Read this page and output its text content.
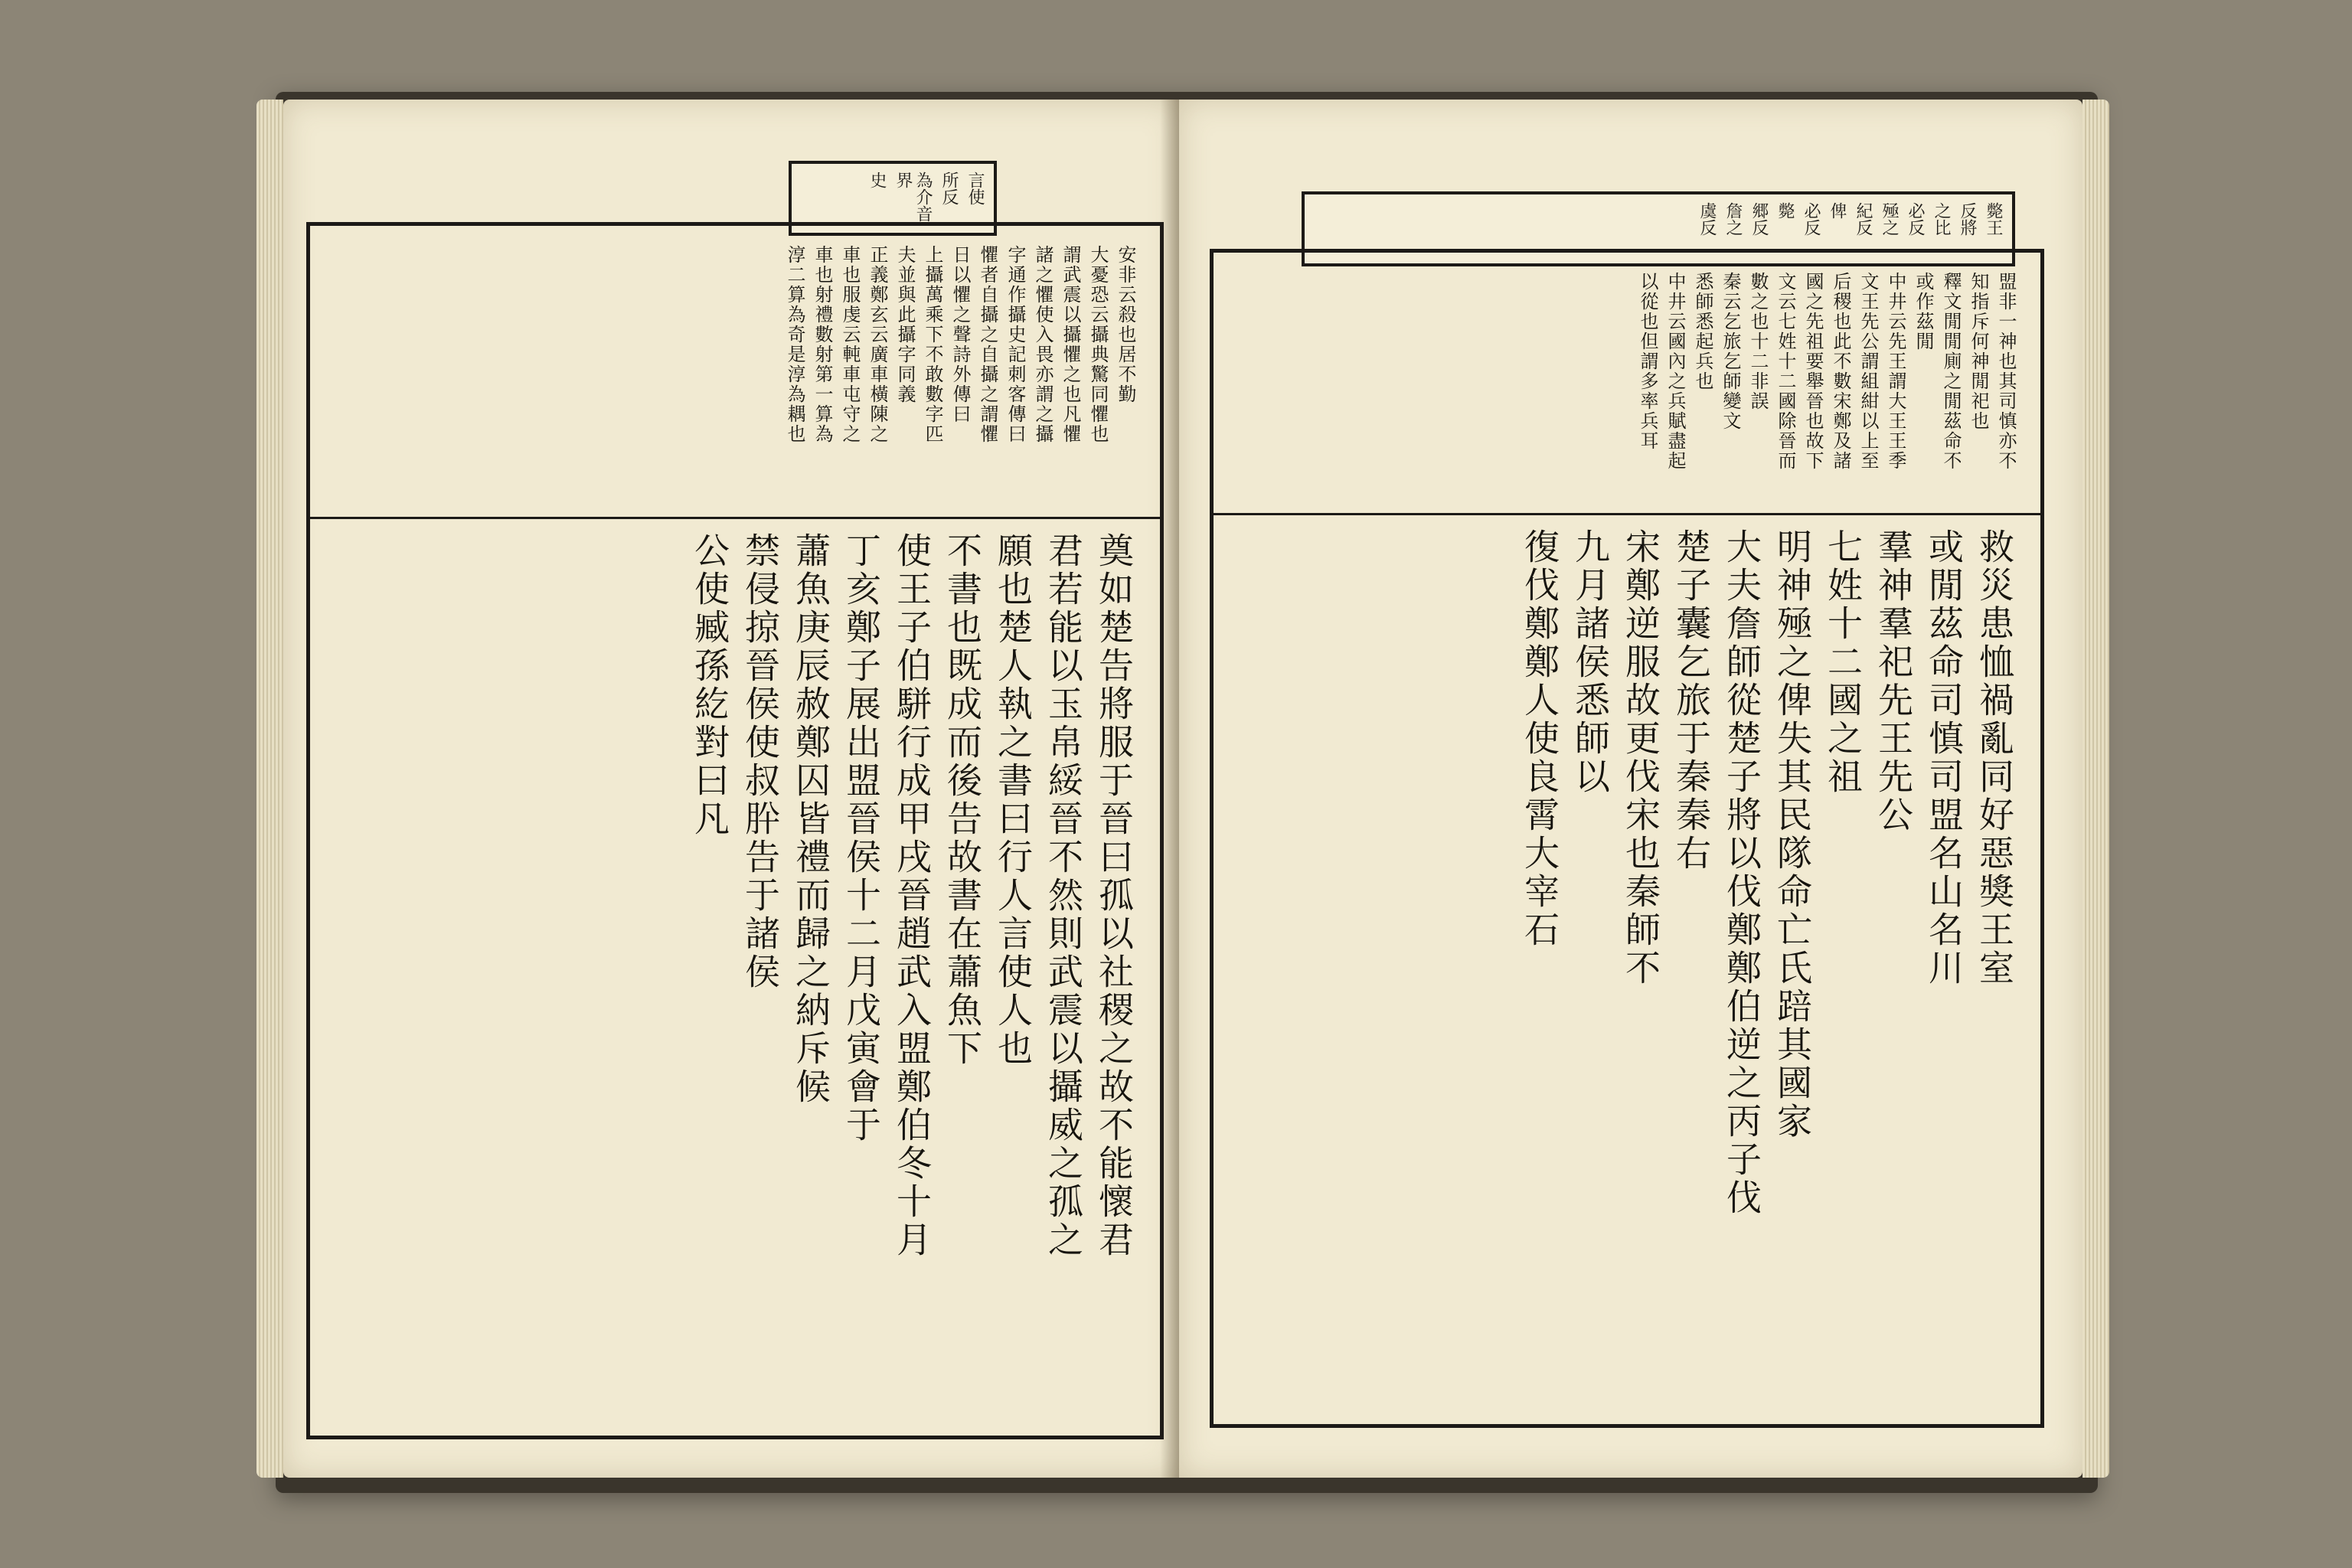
言使
所反
為介音界
史
安非云殺也居不勤
大憂恐云攝典驚同懼也
謂武震以攝懼之也凡懼
諸之懼使入畏亦謂之攝
字通作攝史記刺客傳曰
懼者自攝之自攝之謂懼
日以懼之聲詩外傳曰
上攝萬乘下不敢數字匹
夫並與此攝字同義
正義鄭玄云廣車橫陳之
車也服虔云軘車屯守之
車也射禮數射第一算為
淳二算為奇是淳為耦也
奠如楚告將服于晉曰孤以社稷之故不能懷君
君若能以玉帛綏晉不然則武震以攝威之孤之
願也楚人執之書曰行人言使人也
不書也既成而後告故書在蕭魚下
使王子伯駢行成甲戌晉趙武入盟鄭伯冬十月
丁亥鄭子展出盟晉侯十二月戊寅會于
蕭魚庚辰赦鄭囚皆禮而歸之納斥候
禁侵掠晉侯使叔肸告于諸侯
公使臧孫紇對曰凡
斃王
反將
之比
必反
殛之
紀反
俾
必反
斃
郷反
詹之
虞反
盟非一神也其司慎亦不
知指斥何神閒祀也
釋文閒閒廁之閒茲命不
或作茲閒
中井云先王謂大王王季
文王先公謂組紺以上至
后稷也此不數宋鄭及諸
國之先祖要舉晉也故下
文云七姓十二國除晉而
數之也十二非誤
秦云乞旅乞師變文
悉師悉起兵也
中井云國內之兵賦盡起
以從也但謂多率兵耳
救災患恤禍亂同好惡獎王室
或閒茲命司慎司盟名山名川
羣神羣祀先王先公
七姓十二國之祖
明神殛之俾失其民隊命亡氏踣其國家
大夫詹師從楚子將以伐鄭鄭伯逆之丙子伐
楚子囊乞旅于秦秦右
宋鄭逆服故更伐宋也秦師不
九月諸侯悉師以
復伐鄭鄭人使良霄大宰石
